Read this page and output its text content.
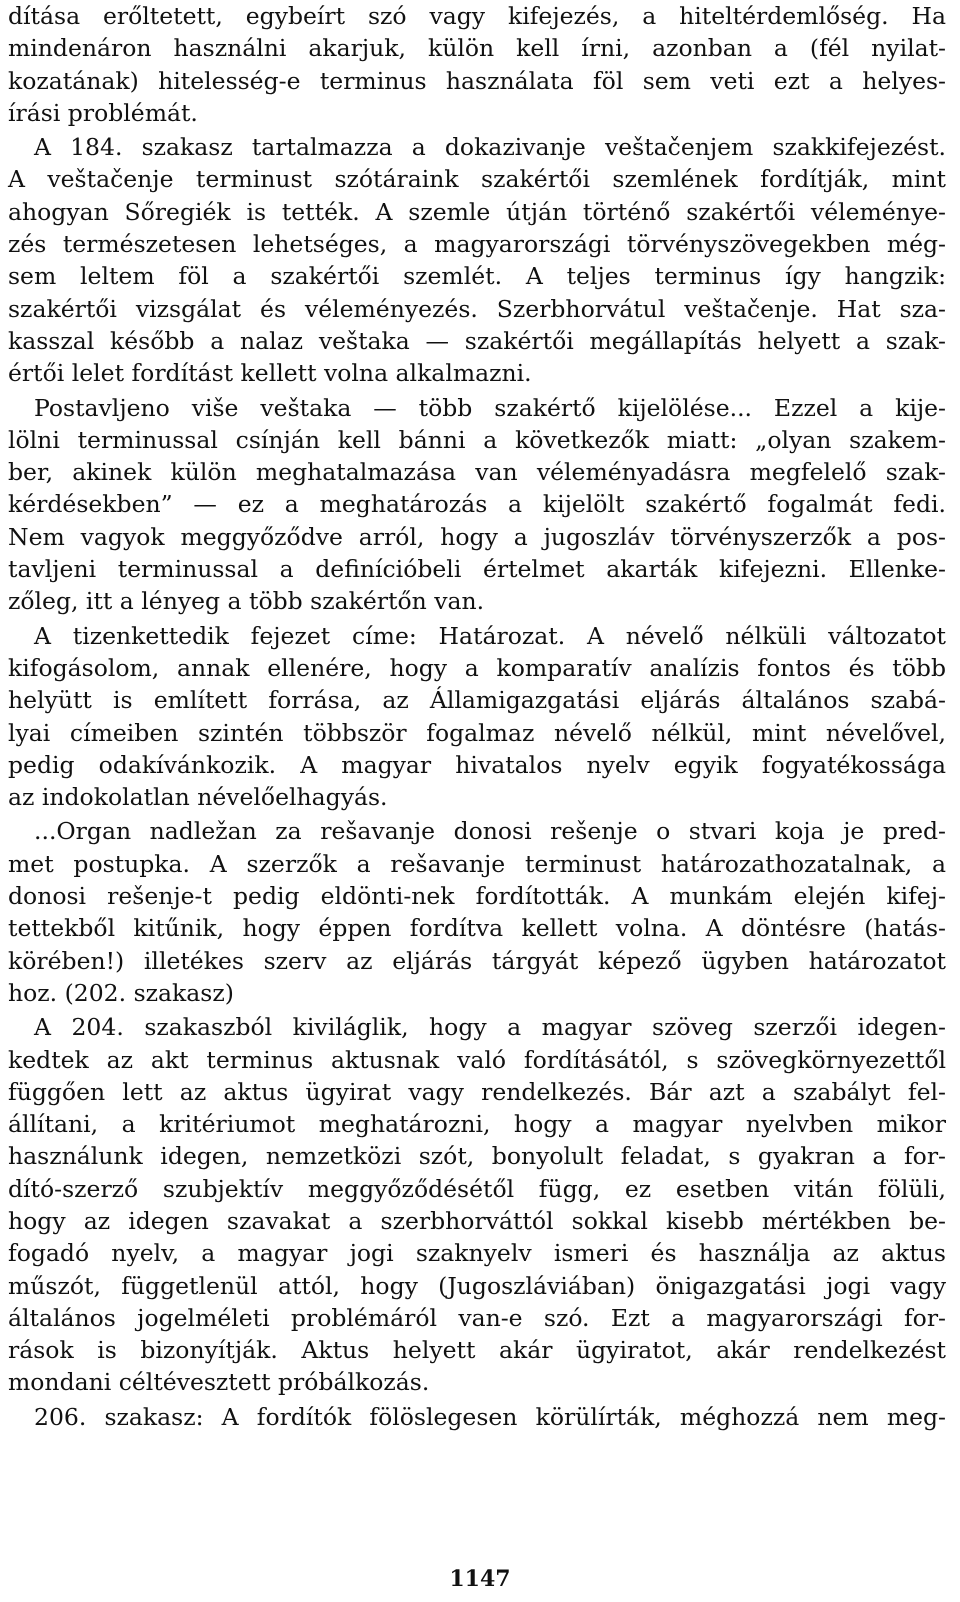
dítása erőltetett, egybeírt szó vagy kifejezés, a hiteltérdemlőség. Ha
mindenáron használni akarjuk, külön kell írni, azonban a (fél nyilat-
kozatának) hitelesség-e terminus használata föl sem veti ezt a helyes-
írási problémát.
A 184. szakasz tartalmazza a dokazivanje veštačenjem szakkifejezést.
A veštačenje terminust szótáraink szakértői szemlének fordítják, mint
ahogyan Sőregiék is tették. A szemle útján történő szakértői véleménye-
zés természetesen lehetséges, a magyarországi törvényszövegekben még-
sem leltem föl a szakértői szemlét. A teljes terminus így hangzik:
szakértői vizsgálat és véleményezés. Szerbhorvátul veštačenje. Hat sza-
kasszal később a nalaz veštaka — szakértői megállapítás helyett a szak-
értői lelet fordítást kellett volna alkalmazni.
Postavljeno više veštaka — több szakértő kijelölése... Ezzel a kije-
lölni terminussal csínján kell bánni a következők miatt: „olyan szakem-
ber, akinek külön meghatalmazása van véleményadásra megfelelő szak-
kérdésekben” — ez a meghatározás a kijelölt szakértő fogalmát fedi.
Nem vagyok meggyőződve arról, hogy a jugoszláv törvényszerzők a pos-
tavljeni terminussal a definícióbeli értelmet akarták kifejezni. Ellenke-
zőleg, itt a lényeg a több szakértőn van.
A tizenkettedik fejezet címe: Határozat. A névelő nélküli változatot
kifogásolom, annak ellenére, hogy a komparatív analízis fontos és több
helyütt is említett forrása, az Államigazgatási eljárás általános szabá-
lyai címeiben szintén többször fogalmaz névelő nélkül, mint névelővel,
pedig odakívánkozik. A magyar hivatalos nyelv egyik fogyatékossága
az indokolatlan névelőelhagyás.
...Organ nadležan za rešavanje donosi rešenje o stvari koja je pred-
met postupka. A szerzők a rešavanje terminust határozathozatalnak, a
donosi rešenje-t pedig eldönti-nek fordították. A munkám elején kifej-
tettekből kitűnik, hogy éppen fordítva kellett volna. A döntésre (hatás-
körében!) illetékes szerv az eljárás tárgyát képező ügyben határozatot
hoz. (202. szakasz)
A 204. szakaszból kiviláglik, hogy a magyar szöveg szerzői idegen-
kedtek az akt terminus aktusnak való fordításától, s szövegkörnyezettől
függően lett az aktus ügyirat vagy rendelkezés. Bár azt a szabályt fel-
állítani, a kritériumot meghatározni, hogy a magyar nyelvben mikor
használunk idegen, nemzetközi szót, bonyolult feladat, s gyakran a for-
dító-szerző szubjektív meggyőződésétől függ, ez esetben vitán fölüli,
hogy az idegen szavakat a szerbhorváttól sokkal kisebb mértékben be-
fogadó nyelv, a magyar jogi szaknyelv ismeri és használja az aktus
műszót, függetlenül attól, hogy (Jugoszláviában) önigazgatási jogi vagy
általános jogelméleti problémáról van-e szó. Ezt a magyarországi for-
rások is bizonyítják. Aktus helyett akár ügyiratot, akár rendelkezést
mondani céltévesztett próbálkozás.
206. szakasz: A fordítók fölöslegesen körülírták, méghozzá nem meg-
1147
